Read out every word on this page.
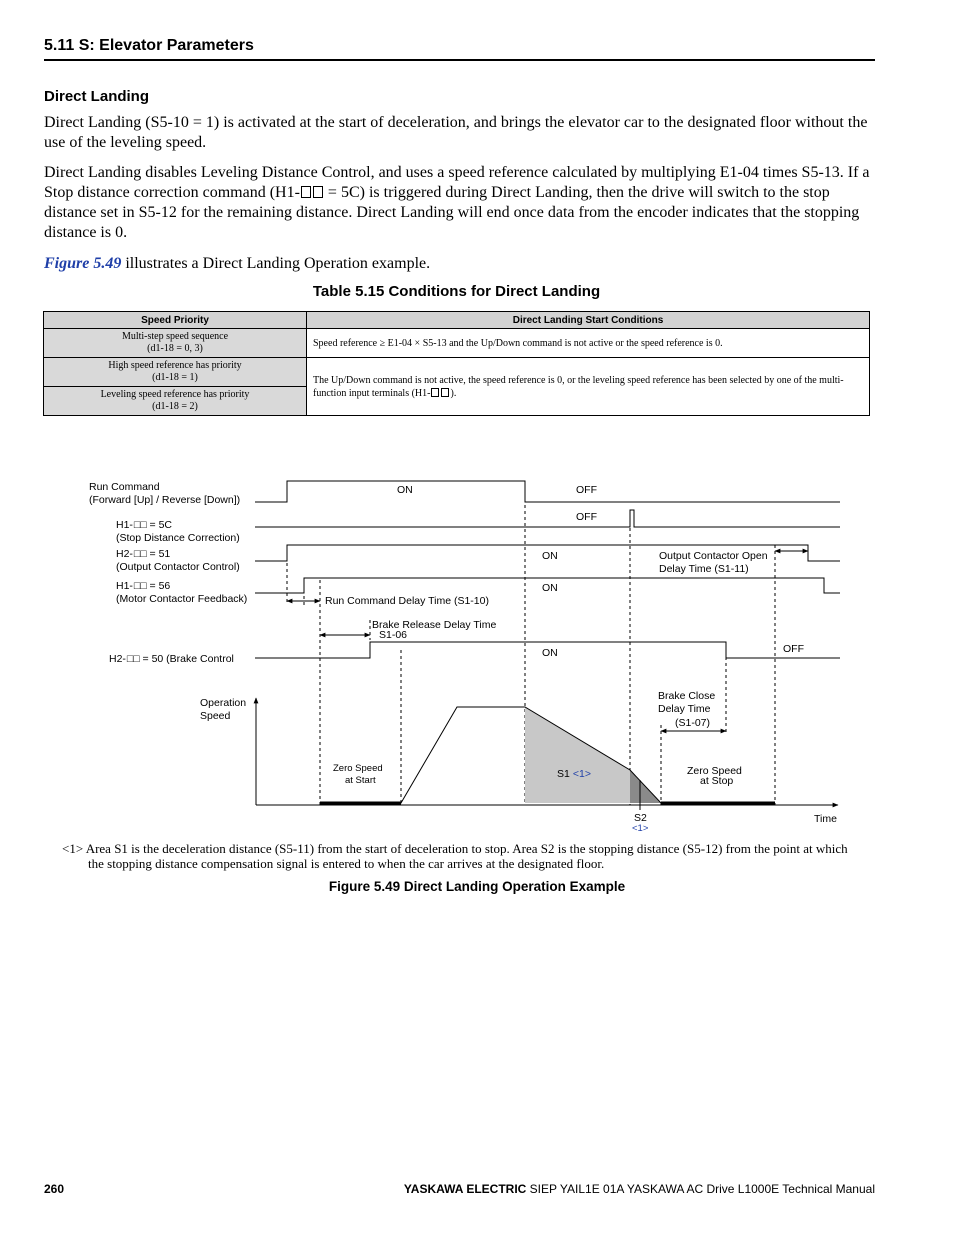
5.11 S: Elevator Parameters
Direct Landing
Direct Landing (S5-10 = 1) is activated at the start of deceleration, and brings the elevator car to the designated floor without the use of the leveling speed.
Direct Landing disables Leveling Distance Control, and uses a speed reference calculated by multiplying E1-04 times S5-13. If a Stop distance correction command (H1- = 5C) is triggered during Direct Landing, then the drive will switch to the stop distance set in S5-12 for the remaining distance. Direct Landing will end once data from the encoder indicates that the stopping distance is 0.
Figure 5.49 illustrates a Direct Landing Operation example.
Table 5.15 Conditions for Direct Landing
Speed Priority	Direct Landing Start Conditions

Multi-step speed sequence
(d1-18 = 0, 3)	Speed reference ≥ E1-04 × S5-13 and the Up/Down command is not active or the speed reference is 0.

High speed reference has priority
(d1-18 = 1)	The Up/Down command is not active, the speed reference is 0, or the leveling speed reference has been selected by one of the multi-function input terminals (H1- ).

Leveling speed reference has priority
(d1-18 = 2)	
Run Command
(Forward [Up] / Reverse [Down])
H1-□□ = 5C
(Stop Distance Correction)
H2-□□ = 51
(Output Contactor Control)
H1-□□ = 56
(Motor Contactor Feedback)
H2-□□ = 50 (Brake Control
ON	OFF
OFF
ON
ON
ON	OFF
Run Command Delay Time (S1-10)
Brake Release Delay Time
S1-06
Output Contactor Open
Delay Time (S1-11)
Brake Close
Delay Time
(S1-07)
Operation
Speed
Zero Speed
at Start
Zero Speed
at Stop
S1 <1>
S2
<1>
Time
<1> Area S1 is the deceleration distance (S5-11) from the start of deceleration to stop. Area S2 is the stopping distance (S5-12) from the point at which the stopping distance compensation signal is entered to when the car arrives at the designated floor.
Figure 5.49 Direct Landing Operation Example
260	YASKAWA ELECTRIC SIEP YAIL1E 01A YASKAWA AC Drive L1000E Technical Manual
